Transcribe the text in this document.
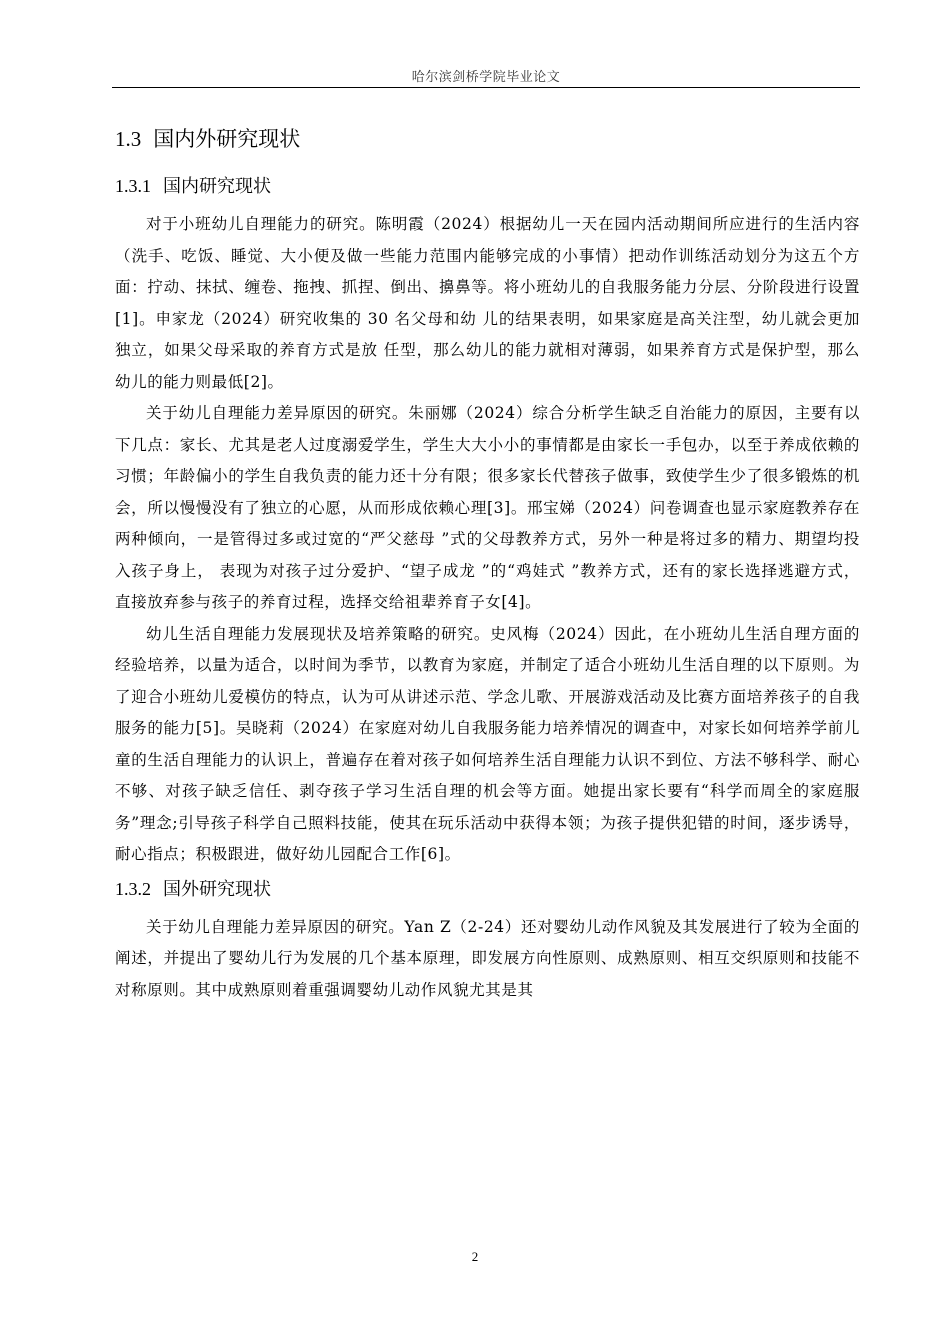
哈尔滨剑桥学院毕业论文
1.3 国内外研究现状
1.3.1 国内研究现状

对于小班幼儿自理能力的研究。陈明霞（2024）根据幼儿一天在园内活动期间所应进行的生活内容（洗手、吃饭、睡觉、大小便及做一些能力范围内能够完成的小事情）把动作训练活动划分为这五个方面：拧动、抹拭、缠卷、拖拽、抓捏、倒出、擤鼻等。将小班幼儿的自我服务能力分层、分阶段进行设置[1]。申家龙（2024）研究收集的 30 名父母和幼 儿的结果表明，如果家庭是高关注型，幼儿就会更加独立，如果父母采取的养育方式是放 任型，那么幼儿的能力就相对薄弱，如果养育方式是保护型，那么幼儿的能力则最低[2]。

关于幼儿自理能力差异原因的研究。朱丽娜（2024）综合分析学生缺乏自治能力的原因，主要有以下几点：家长、尤其是老人过度溺爱学生，学生大大小小的事情都是由家长一手包办，以至于养成依赖的习惯；年龄偏小的学生自我负责的能力还十分有限；很多家长代替孩子做事，致使学生少了很多锻炼的机会，所以慢慢没有了独立的心愿，从而形成依赖心理[3]。邢宝娣（2024）问卷调查也显示家庭教养存在两种倾向，一是管得过多或过宽的“严父慈母 ”式的父母教养方式，另外一种是将过多的精力、期望均投入孩子身上， 表现为对孩子过分爱护、“望子成龙 ”的“鸡娃式 ”教养方式，还有的家长选择逃避方式， 直接放弃参与孩子的养育过程，选择交给祖辈养育子女[4]。

幼儿生活自理能力发展现状及培养策略的研究。史风梅（2024）因此，在小班幼儿生活自理方面的经验培养，以量为适合，以时间为季节，以教育为家庭，并制定了适合小班幼儿生活自理的以下原则。为了迎合小班幼儿爱模仿的特点，认为可从讲述示范、学念儿歌、开展游戏活动及比赛方面培养孩子的自我服务的能力[5]。吴晓莉（2024）在家庭对幼儿自我服务能力培养情况的调查中，对家长如何培养学前儿童的生活自理能力的认识上，普遍存在着对孩子如何培养生活自理能力认识不到位、方法不够科学、耐心不够、对孩子缺乏信任、剥夺孩子学习生活自理的机会等方面。她提出家长要有“科学而周全的家庭服务”理念;引导孩子科学自己照料技能，使其在玩乐活动中获得本领；为孩子提供犯错的时间，逐步诱导，耐心指点；积极跟进，做好幼儿园配合工作[6]。

1.3.2 国外研究现状

关于幼儿自理能力差异原因的研究。Yan Z（2-24）还对婴幼儿动作风貌及其发展进行了较为全面的阐述，并提出了婴幼儿行为发展的几个基本原理，即发展方向性原则、成熟原则、相互交织原则和技能不对称原则。其中成熟原则着重强调婴幼儿动作风貌尤其是其

2
